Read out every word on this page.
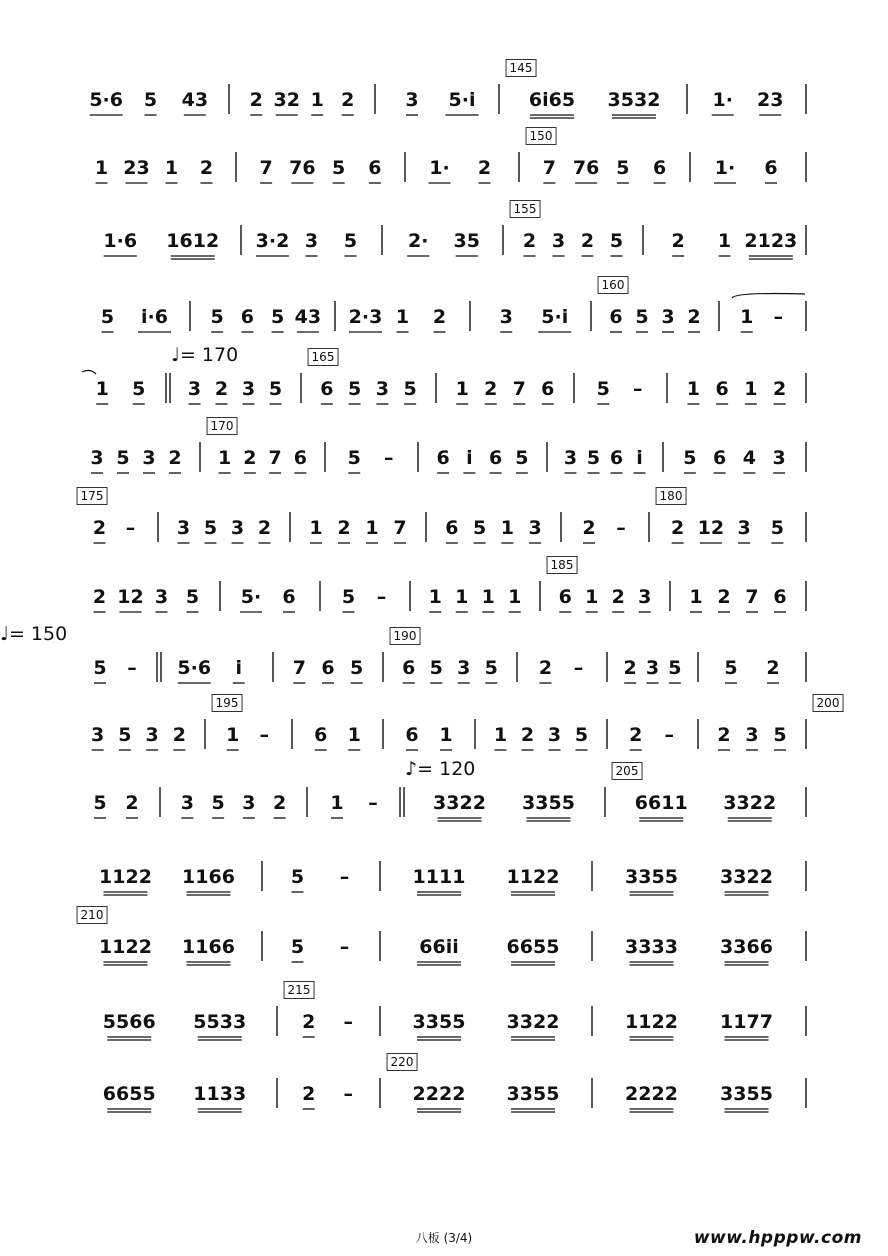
5·6 5 43 2 32 1 2	3 5·i	6i65 3532	1· 23
145
1 23 1 2 7 76 5 6	1· 2	7 76 5 6	1· 6
150
1·6 1612 3·2 3 5	2· 35 2 3 2 5	2 1 2123
155
5 i·6 5 6 5 43 2·3 1 2	3 5·i 6 5 3 2 1 –
160
1 5 3 2 3 5 6 5 3 5 1 2 7 6 5 – 1 6 1 2
165
♩= 170
3 5 3 2 1 2 7 6 5 – 6 i 6 5 3 5 6 i 5 6 4 3
170
2 – 3 5 3 2 1 2 1 7 6 5 1 3 2 – 2 12 3 5
175	180
2 12 3 5 5· 6 5 – 1 1 1 1 6 1 2 3 1 2 7 6
185
5 – 5·6 i	7 6 5 6 5 3 5 2 – 2 3 5 5 2
190
♩= 150
3 5 3 2 1 – 6 1 6 1 1 2 3 5 2 – 2 3 5
195	200
5 2 3 5 3 2 1 –	3322 3355	6611 3322
205
♪= 120
1122 1166	5 –	1111 1122	3355 3322
1122 1166	5 –	66ii	6655	3333 3366
210
5566 5533	2 –	3355 3322	1122 1177
215
6655 1133	2 –	2222 3355	2222 3355
220
八板 (3/4)	www.hpppw.com
